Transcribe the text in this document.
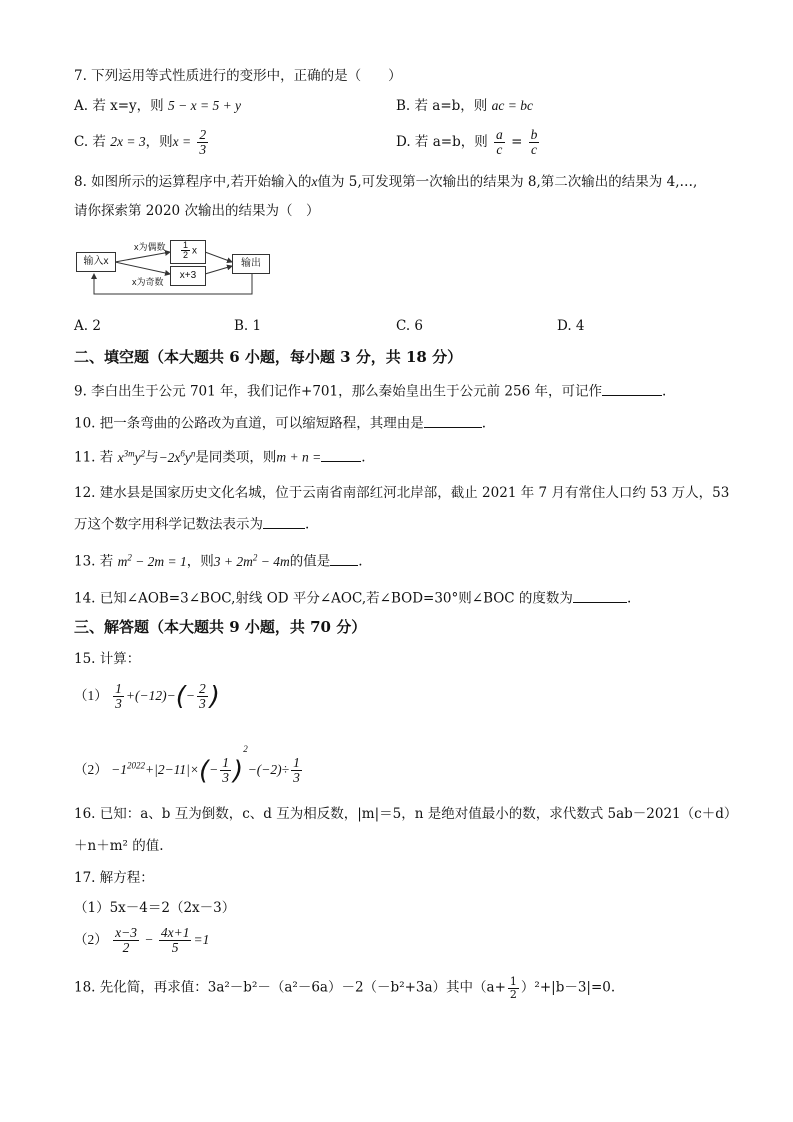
7. 下列运用等式性质进行的变形中，正确的是（　　）
A. 若 x=y，则 5 − x = 5 + y	B. 若 a=b，则 ac = bc
C. 若 2x = 3，则$x = \frac{2}{3}$	D. 若 a=b，则 $\frac{a}{c} = \frac{b}{c}$
8. 如图所示的运算程序中,若开始输入的x值为 5,可发现第一次输出的结果为 8,第二次输出的结果为 4,…,
请你探索第 2020 次输出的结果为（　）
输入x
x为偶数
x为奇数
$\frac{1}{2}$ x
x+3
输出
A. 2	B. 1	C. 6	D. 4
二、填空题（本大题共 6 小题，每小题 3 分，共 18 分）
9. 李白出生于公元 701 年，我们记作+701，那么秦始皇出生于公元前 256 年，可记作	.
10. 把一条弯曲的公路改为直道，可以缩短路程，其理由是	.
11. 若 $x^{3m}y^2$与$-2x^6y^n$是同类项，则m + n =	.
12. 建水县是国家历史文化名城，位于云南省南部红河北岸部，截止 2021 年 7 月有常住人口约 53 万人，53
万这个数字用科学记数法表示为	.
13. 若 $m^2 - 2m = 1$，则$3 + 2m^2 - 4m$的值是 .
14. 已知∠AOB=3∠BOC,射线 OD 平分∠AOC,若∠BOD=30°则∠BOC 的度数为	.
三、解答题（本大题共 9 小题，共 70 分）
15. 计算：
$(1) \frac{1}{3} +(-12)-(- \frac{2}{3}$ )
$(2) -1^{2022}+|2-11|\times(- \frac{1}{3} )^2-(-2)\div \frac{1}{3}$
16. 已知：a、b 互为倒数，c、d 互为相反数，|m|＝5，n 是绝对值最小的数，求代数式 5ab－2021（c＋d）
＋n＋m² 的值.
17. 解方程：
（1）5x－4＝2（2x－3）
$(2) \frac{x-3}{2} - \frac{4x+1}{5} =1$
18. 先化简，再求值：3a²－b²－（a²－6a）－2（－b²+3a）其中$(a+ \frac{1}{2} )^2+|b-3|=0$.
